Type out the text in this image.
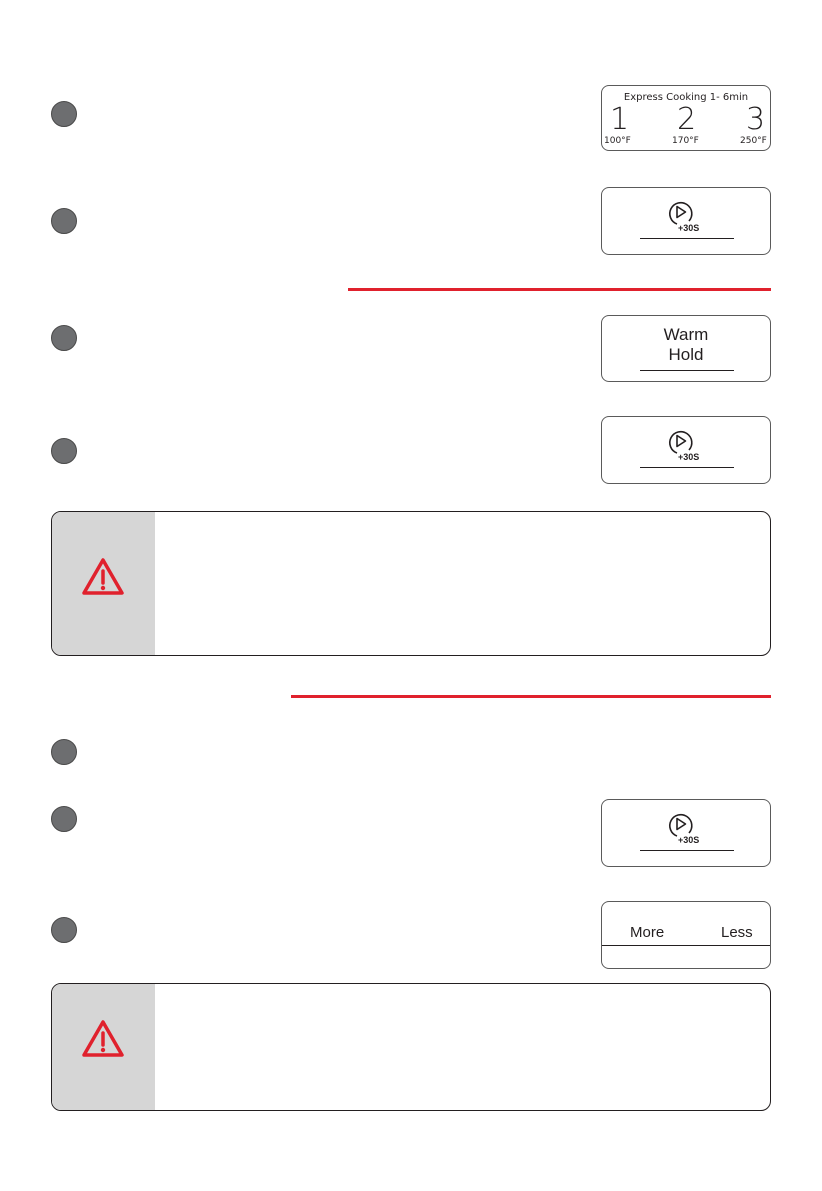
Express Cooking 1- 6min
1 2 3
100°F	170°F	250°F
+30S
Warm
Hold
+30S
+30S
More	Less
